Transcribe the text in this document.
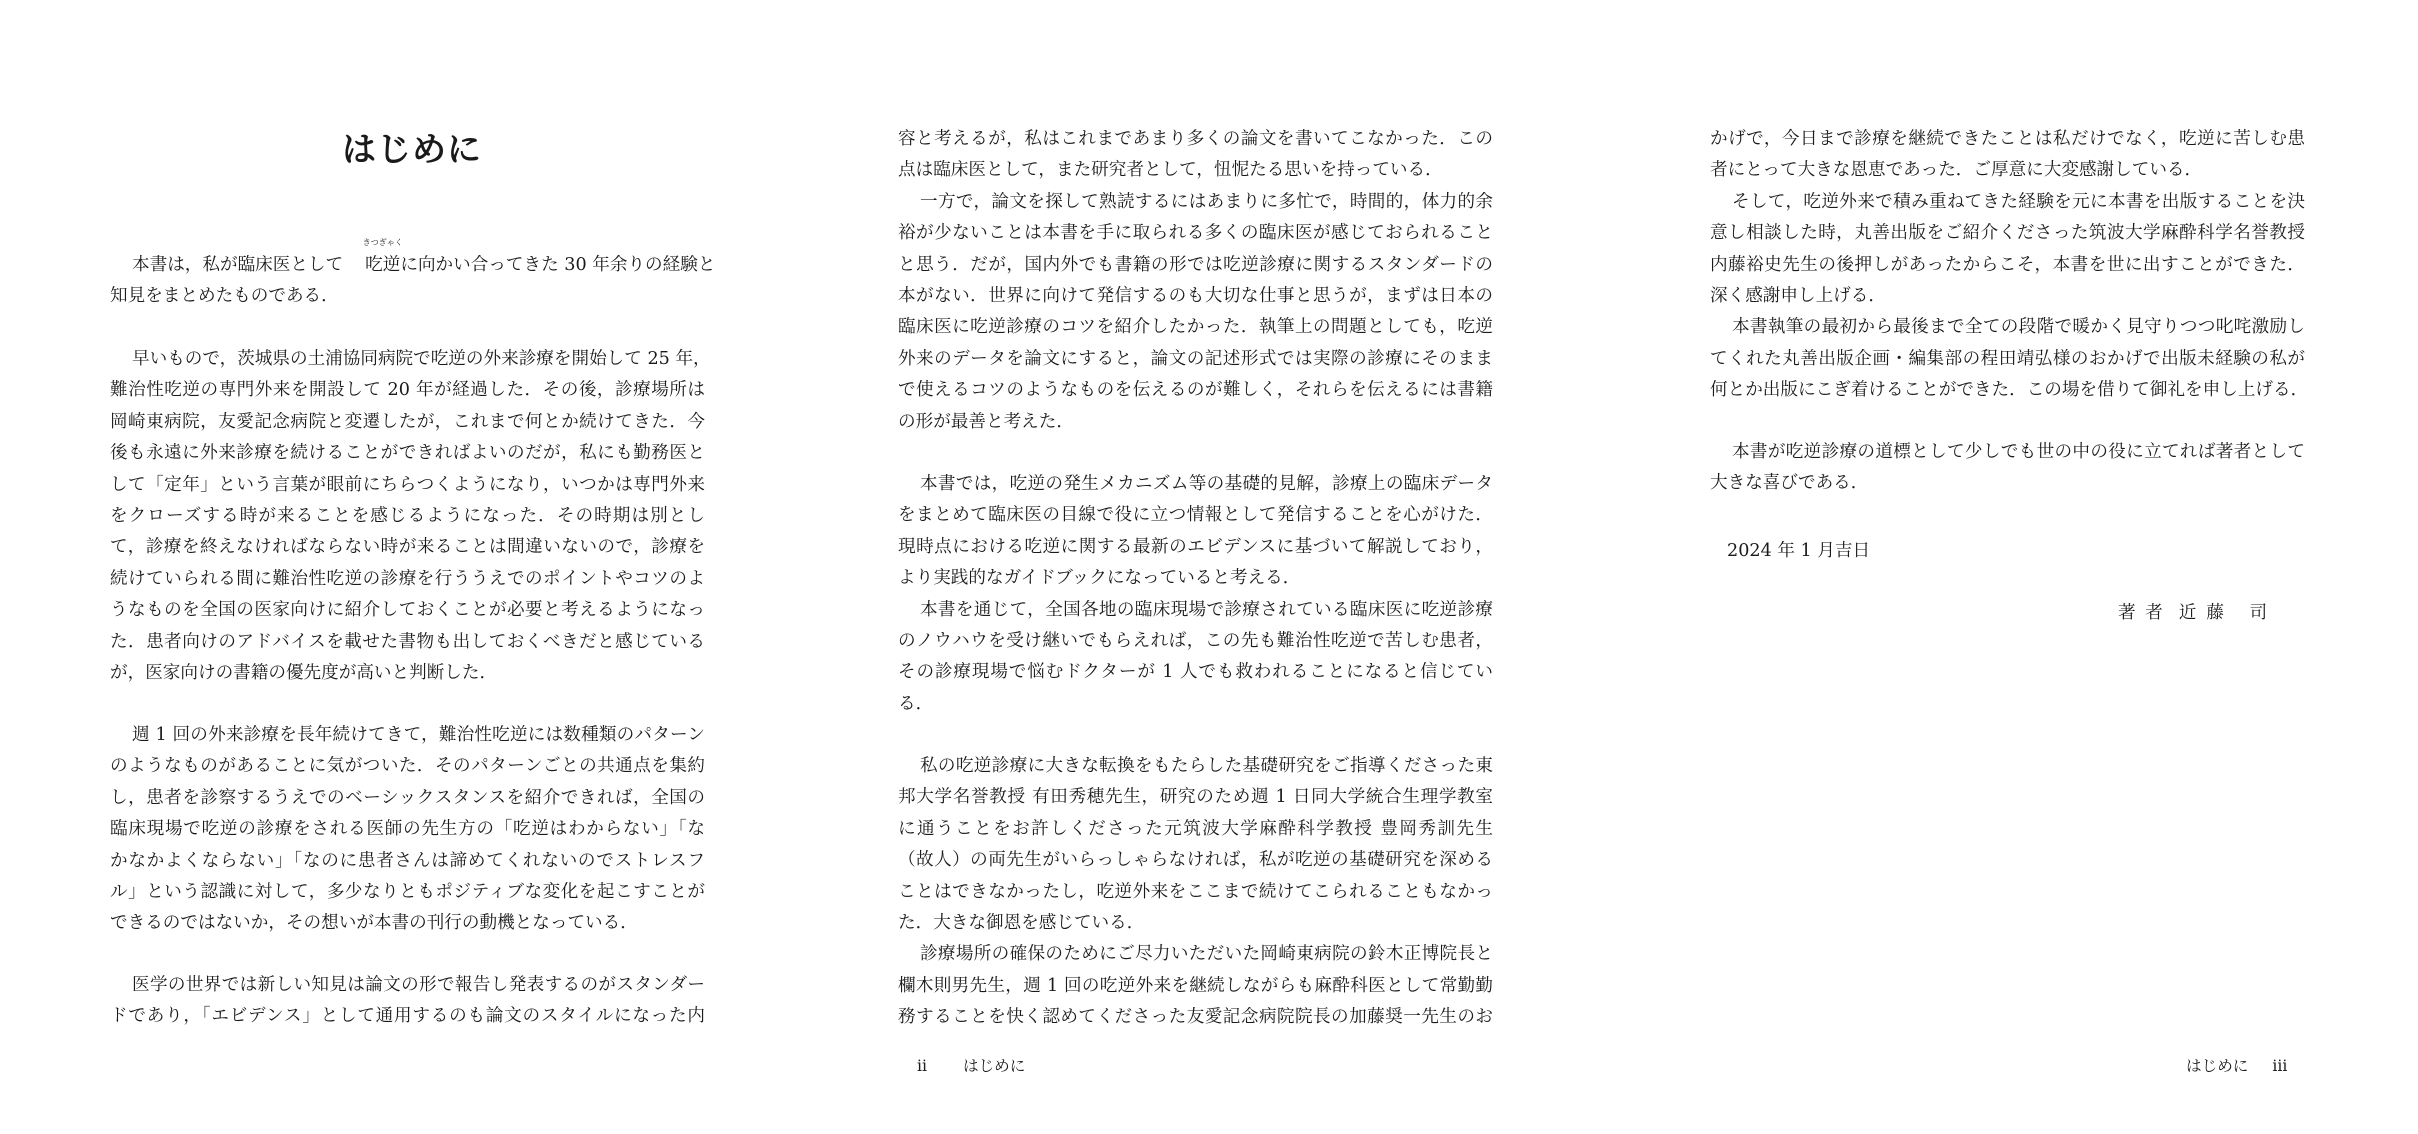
はじめに
本書は，私が臨床医として
きつぎゃく
吃逆に向かい合ってきた 30 年余りの経験と
知見をまとめたものである．
早いもので，茨城県の土浦協同病院で吃逆の外来診療を開始して 25 年，
難治性吃逆の専門外来を開設して 20 年が経過した．その後，診療場所は
岡崎東病院，友愛記念病院と変遷したが，これまで何とか続けてきた．今
後も永遠に外来診療を続けることができればよいのだが，私にも勤務医と
して「定年」という言葉が眼前にちらつくようになり，いつかは専門外来
をクローズする時が来ることを感じるようになった．その時期は別とし
て，診療を終えなければならない時が来ることは間違いないので，診療を
続けていられる間に難治性吃逆の診療を行ううえでのポイントやコツのよ
うなものを全国の医家向けに紹介しておくことが必要と考えるようになっ
た．患者向けのアドバイスを載せた書物も出しておくべきだと感じている
が，医家向けの書籍の優先度が高いと判断した．
週 1 回の外来診療を長年続けてきて，難治性吃逆には数種類のパターン
のようなものがあることに気がついた．そのパターンごとの共通点を集約
し，患者を診察するうえでのベーシックスタンスを紹介できれば，全国の
臨床現場で吃逆の診療をされる医師の先生方の「吃逆はわからない」「な
かなかよくならない」「なのに患者さんは諦めてくれないのでストレスフ
ル」という認識に対して，多少なりともポジティブな変化を起こすことが
できるのではないか，その想いが本書の刊行の動機となっている．
医学の世界では新しい知見は論文の形で報告し発表するのがスタンダー
ドであり，「エビデンス」として通用するのも論文のスタイルになった内
容と考えるが，私はこれまであまり多くの論文を書いてこなかった．この
点は臨床医として，また研究者として，忸怩たる思いを持っている．
一方で，論文を探して熟読するにはあまりに多忙で，時間的，体力的余
裕が少ないことは本書を手に取られる多くの臨床医が感じておられること
と思う．だが，国内外でも書籍の形では吃逆診療に関するスタンダードの
本がない．世界に向けて発信するのも大切な仕事と思うが，まずは日本の
臨床医に吃逆診療のコツを紹介したかった．執筆上の問題としても，吃逆
外来のデータを論文にすると，論文の記述形式では実際の診療にそのまま
で使えるコツのようなものを伝えるのが難しく，それらを伝えるには書籍
の形が最善と考えた．
本書では，吃逆の発生メカニズム等の基礎的見解，診療上の臨床データ
をまとめて臨床医の目線で役に立つ情報として発信することを心がけた．
現時点における吃逆に関する最新のエビデンスに基づいて解説しており，
より実践的なガイドブックになっていると考える．
本書を通じて，全国各地の臨床現場で診療されている臨床医に吃逆診療
のノウハウを受け継いでもらえれば，この先も難治性吃逆で苦しむ患者，
その診療現場で悩むドクターが 1 人でも救われることになると信じてい
る．
私の吃逆診療に大きな転換をもたらした基礎研究をご指導くださった東
邦大学名誉教授 有田秀穂先生，研究のため週 1 日同大学統合生理学教室
に通うことをお許しくださった元筑波大学麻酔科学教授 豊岡秀訓先生
（故人）の両先生がいらっしゃらなければ，私が吃逆の基礎研究を深める
ことはできなかったし，吃逆外来をここまで続けてこられることもなかっ
た．大きな御恩を感じている．
診療場所の確保のためにご尽力いただいた岡崎東病院の鈴木正博院長と
欄木則男先生，週 1 回の吃逆外来を継続しながらも麻酔科医として常勤勤
務することを快く認めてくださった友愛記念病院院長の加藤奨一先生のお
ii はじめに
かげで，今日まで診療を継続できたことは私だけでなく，吃逆に苦しむ患
者にとって大きな恩恵であった．ご厚意に大変感謝している．
そして，吃逆外来で積み重ねてきた経験を元に本書を出版することを決
意し相談した時，丸善出版をご紹介くださった筑波大学麻酔科学名誉教授
内藤裕史先生の後押しがあったからこそ，本書を世に出すことができた．
深く感謝申し上げる．
本書執筆の最初から最後まで全ての段階で暖かく見守りつつ叱咤激励し
てくれた丸善出版企画・編集部の程田靖弘様のおかげで出版未経験の私が
何とか出版にこぎ着けることができた．この場を借りて御礼を申し上げる．
本書が吃逆診療の道標として少しでも世の中の役に立てれば著者として
大きな喜びである．
2024 年 1 月吉日
著 者 近藤 司
はじめに iii
